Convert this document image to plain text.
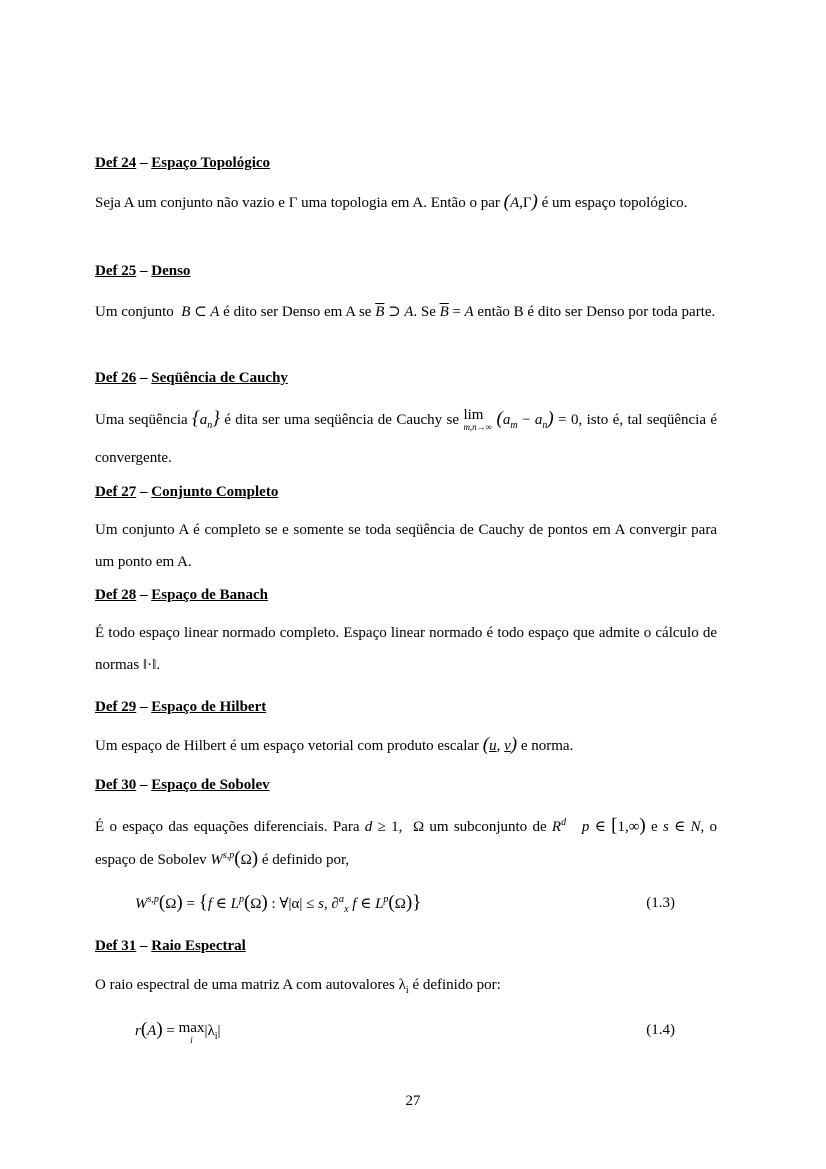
Def 24 – Espaço Topológico

Seja A um conjunto não vazio e Γ uma topologia em A. Então o par (A,Γ) é um espaço topológico.

Def 25 – Denso

Um conjunto  B ⊂ A é dito ser Denso em A se $\overline{B}$ ⊃ A. Se $\overline{B} = A$ então B é dito ser Denso por toda parte.

Def 26 – Seqüência de Cauchy

Uma seqüência $\{a_n\}$ é dita ser uma seqüência de Cauchy se lim
m,n→∞ $(a_m - a_n) = 0$, isto é, tal seqüência é convergente.

Def 27 – Conjunto Completo

Um conjunto A é completo se e somente se toda seqüência de Cauchy de pontos em A convergir para um ponto em A.

Def 28 – Espaço de Banach

É todo espaço linear normado completo. Espaço linear normado é todo espaço que admite o cálculo de normas ‖·‖.

Def 29 – Espaço de Hilbert

Um espaço de Hilbert é um espaço vetorial com produto escalar (u, v) e norma.

Def 30 – Espaço de Sobolev

É o espaço das equações diferenciais. Para d ≥ 1, Ω um subconjunto de $R^d$   p ∈ [1,∞) e s ∈ N, o espaço de Sobolev W$^{s,p}$(Ω) é definido por,

W$^{s,p}$(Ω) = {f ∈ $L^p(\Omega)$ : ∀|α| ≤ s, ∂$^\alpha_x$ f ∈ $L^p(\Omega)$}	(1.3)
Def 31 – Raio Espectral

O raio espectral de uma matriz A com autovalores $\lambda_i$ é definido por:

r(A) = max
i
$|\lambda_i|$	(1.4)
27
